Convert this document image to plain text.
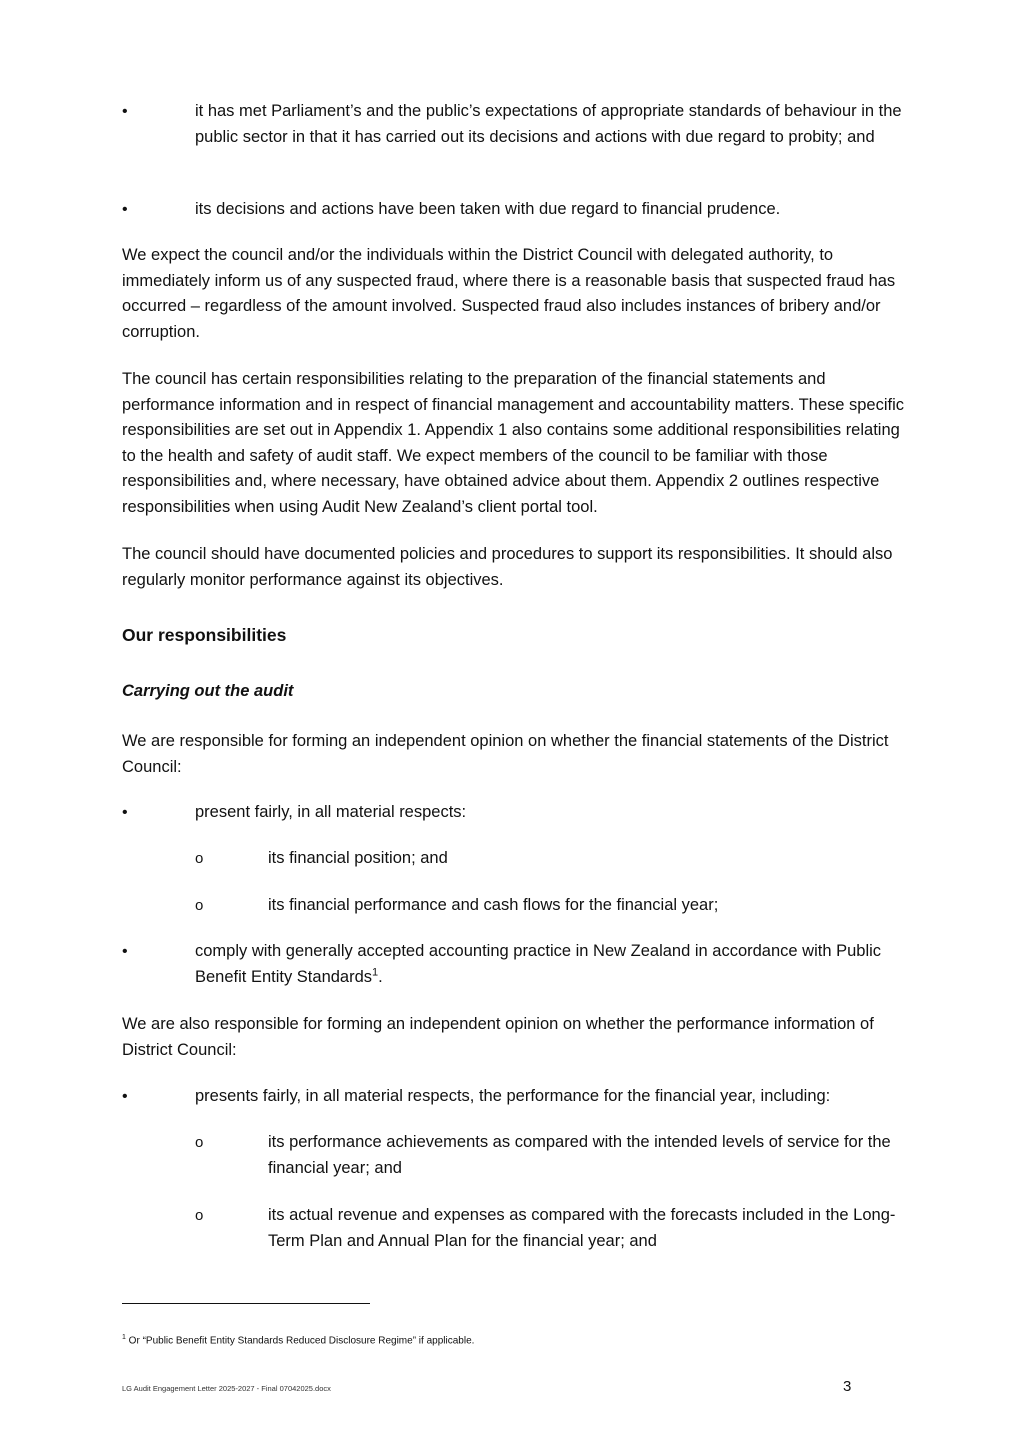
•	it has met Parliament’s and the public’s expectations of appropriate standards of behaviour in the public sector in that it has carried out its decisions and actions with due regard to probity; and
•	its decisions and actions have been taken with due regard to financial prudence.
We expect the council and/or the individuals within the District Council with delegated authority, to immediately inform us of any suspected fraud, where there is a reasonable basis that suspected fraud has occurred – regardless of the amount involved. Suspected fraud also includes instances of bribery and/or corruption.
The council has certain responsibilities relating to the preparation of the financial statements and performance information and in respect of financial management and accountability matters. These specific responsibilities are set out in Appendix 1. Appendix 1 also contains some additional responsibilities relating to the health and safety of audit staff. We expect members of the council to be familiar with those responsibilities and, where necessary, have obtained advice about them. Appendix 2 outlines respective responsibilities when using Audit New Zealand’s client portal tool.
The council should have documented policies and procedures to support its responsibilities. It should also regularly monitor performance against its objectives.
Our responsibilities
Carrying out the audit
We are responsible for forming an independent opinion on whether the financial statements of the District Council:
•	present fairly, in all material respects:
o	its financial position; and
o	its financial performance and cash flows for the financial year;
•	comply with generally accepted accounting practice in New Zealand in accordance with Public Benefit Entity Standards$^1$.
We are also responsible for forming an independent opinion on whether the performance information of District Council:
•	presents fairly, in all material respects, the performance for the financial year, including:
o	its performance achievements as compared with the intended levels of service for the financial year; and
o	its actual revenue and expenses as compared with the forecasts included in the Long-Term Plan and Annual Plan for the financial year; and
$^1$ Or “Public Benefit Entity Standards Reduced Disclosure Regime” if applicable.
LG Audit Engagement Letter 2025-2027 - Final 07042025.docx	3
